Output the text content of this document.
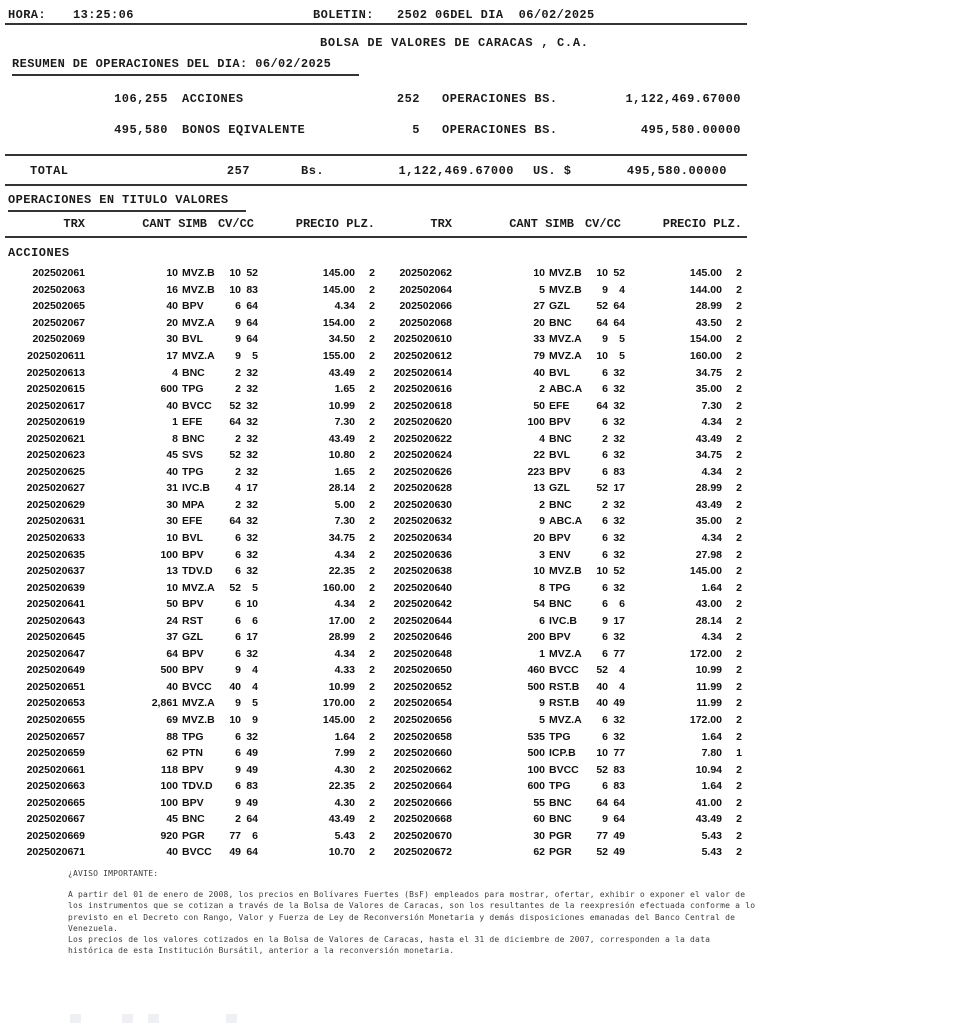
HORA: 13:25:06	BOLETIN: 2502 06DEL DIA  06/02/2025
BOLSA DE VALORES DE CARACAS , C.A.
RESUMEN DE OPERACIONES DEL DIA: 06/02/2025
106,255 ACCIONES	252 OPERACIONES BS.	1,122,469.67000
495,580 BONOS EQIVALENTE	5 OPERACIONES BS.	495,580.00000
TOTAL	257	Bs.	1,122,469.67000 US. $	495,580.00000
OPERACIONES EN TITULO VALORES
TRX	CANT SIMB CV/CC	PRECIO PLZ.	TRX	CANT SIMB CV/CC	PRECIO PLZ.
ACCIONES
202502061	10 MVZ.B	10 52	145.00	2	202502062	10 MVZ.B	10 52	145.00	2
202502063	16 MVZ.B	10 83	145.00	2	202502064	5 MVZ.B	9	4	144.00	2
202502065	40 BPV	6 64	4.34	2	202502066	27 GZL	52 64	28.99	2
202502067	20 MVZ.A	9 64	154.00	2	202502068	20 BNC	64 64	43.50	2
202502069	30 BVL	9 64	34.50	2	2025020610	33 MVZ.A	9	5	154.00	2
2025020611	17 MVZ.A	9	5	155.00	2	2025020612	79 MVZ.A	10	5	160.00	2
2025020613	4 BNC	2 32	43.49	2	2025020614	40 BVL	6 32	34.75	2
2025020615	600 TPG	2 32	1.65	2	2025020616	2 ABC.A	6 32	35.00	2
2025020617	40 BVCC	52 32	10.99	2	2025020618	50 EFE	64 32	7.30	2
2025020619	1 EFE	64 32	7.30	2	2025020620	100 BPV	6 32	4.34	2
2025020621	8 BNC	2 32	43.49	2	2025020622	4 BNC	2 32	43.49	2
2025020623	45 SVS	52 32	10.80	2	2025020624	22 BVL	6 32	34.75	2
2025020625	40 TPG	2 32	1.65	2	2025020626	223 BPV	6 83	4.34	2
2025020627	31 IVC.B	4 17	28.14	2	2025020628	13 GZL	52 17	28.99	2
2025020629	30 MPA	2 32	5.00	2	2025020630	2 BNC	2 32	43.49	2
2025020631	30 EFE	64 32	7.30	2	2025020632	9 ABC.A	6 32	35.00	2
2025020633	10 BVL	6 32	34.75	2	2025020634	20 BPV	6 32	4.34	2
2025020635	100 BPV	6 32	4.34	2	2025020636	3 ENV	6 32	27.98	2
2025020637	13 TDV.D	6 32	22.35	2	2025020638	10 MVZ.B	10 52	145.00	2
2025020639	10 MVZ.A	52	5	160.00	2	2025020640	8 TPG	6 32	1.64	2
2025020641	50 BPV	6 10	4.34	2	2025020642	54 BNC	6	6	43.00	2
2025020643	24 RST	6	6	17.00	2	2025020644	6 IVC.B	9 17	28.14	2
2025020645	37 GZL	6 17	28.99	2	2025020646	200 BPV	6 32	4.34	2
2025020647	64 BPV	6 32	4.34	2	2025020648	1 MVZ.A	6 77	172.00	2
2025020649	500 BPV	9	4	4.33	2	2025020650	460 BVCC	52	4	10.99	2
2025020651	40 BVCC	40	4	10.99	2	2025020652	500 RST.B	40	4	11.99	2
2025020653	2,861 MVZ.A	9	5	170.00	2	2025020654	9 RST.B	40 49	11.99	2
2025020655	69 MVZ.B	10	9	145.00	2	2025020656	5 MVZ.A	6 32	172.00	2
2025020657	88 TPG	6 32	1.64	2	2025020658	535 TPG	6 32	1.64	2
2025020659	62 PTN	6 49	7.99	2	2025020660	500 ICP.B	10 77	7.80	1
2025020661	118 BPV	9 49	4.30	2	2025020662	100 BVCC	52 83	10.94	2
2025020663	100 TDV.D	6 83	22.35	2	2025020664	600 TPG	6 83	1.64	2
2025020665	100 BPV	9 49	4.30	2	2025020666	55 BNC	64 64	41.00	2
2025020667	45 BNC	2 64	43.49	2	2025020668	60 BNC	9 64	43.49	2
2025020669	920 PGR	77	6	5.43	2	2025020670	30 PGR	77 49	5.43	2
2025020671	40 BVCC	49 64	10.70	2	2025020672	62 PGR	52 49	5.43	2
¿AVISO IMPORTANTE:
A partir del 01 de enero de 2008, los precios en Bolívares Fuertes (BsF) empleados para mostrar, ofertar, exhibir o exponer el valor de
los instrumentos que se cotizan a través de la Bolsa de Valores de Caracas, son los resultantes de la reexpresión efectuada conforme a lo
previsto en el Decreto con Rango, Valor y Fuerza de Ley de Reconversión Monetaria y demás disposiciones emanadas del Banco Central de
Venezuela.
Los precios de los valores cotizados en la Bolsa de Valores de Caracas, hasta el 31 de diciembre de 2007, corresponden a la data
histórica de esta Institución Bursátil, anterior a la reconversión monetaria.
